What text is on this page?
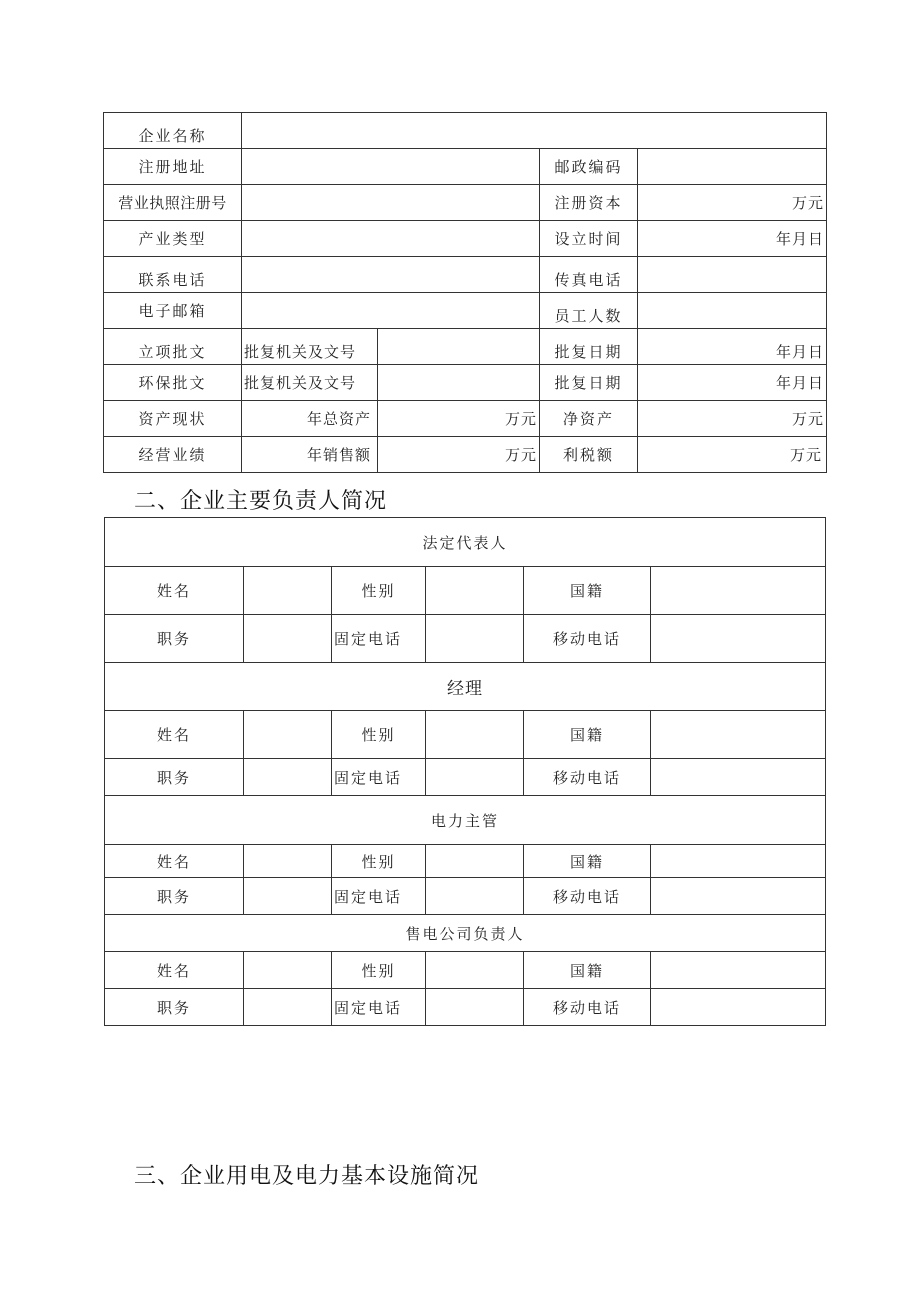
企业名称				
注册地址			邮政编码	
营业执照注册号			注册资本	万元
产业类型			设立时间	年月日
联系电话			传真电话	
电子邮箱			员工人数	
立项批文	批复机关及文号		批复日期	年月日
环保批文	批复机关及文号		批复日期	年月日
资产现状	年总资产	万元	净资产	万元
经营业绩	年销售额	万元	利税额	万元
二、企业主要负责人简况
法定代表人					
姓名		性别		国籍	
职务		固定电话		移动电话	
经理					
姓名		性别		国籍	
职务		固定电话		移动电话	
电力主管					
姓名		性别		国籍	
职务		固定电话		移动电话	
售电公司负责人					
姓名		性别		国籍	
职务		固定电话		移动电话	
三、企业用电及电力基本设施简况
